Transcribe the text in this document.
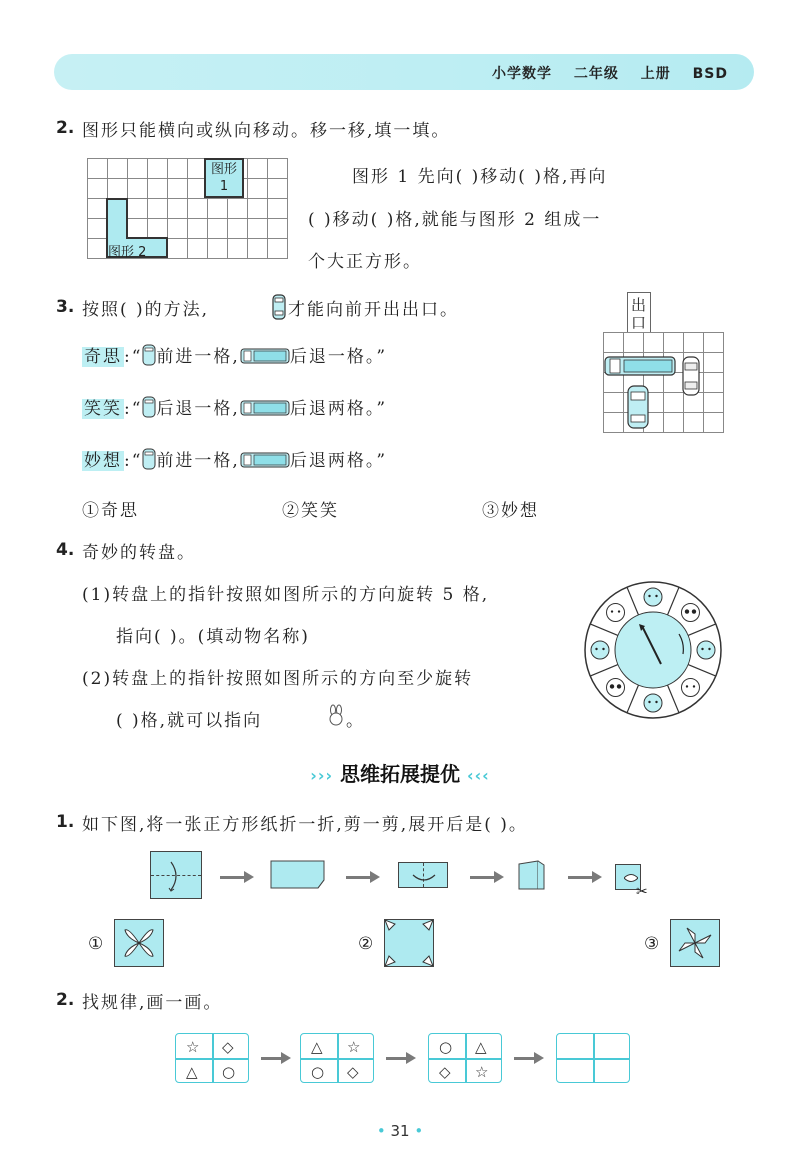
小学数学 二年级 上册 BSD
2. 图形只能横向或纵向移动。移一移,填一填。
图形
1
图形 2
图形 1 先向( )移动( )格,再向
( )移动( )格,就能与图形 2 组成一
个大正方形。
3. 按照( )的方法,	才能向前开出出口。	出
口
奇思 :“ 前进一格,	后退一格。”
笑笑 :“ 后退一格,	后退两格。”
妙想 :“ 前进一格,	后退两格。”
①奇思	②笑笑	③妙想
4. 奇妙的转盘。
(1)转盘上的指针按照如图所示的方向旋转 5 格,
指向( )。(填动物名称)
(2)转盘上的指针按照如图所示的方向至少旋转
( )格,就可以指向	。
››› 思维拓展提优 ‹‹‹
1. 如下图,将一张正方形纸折一折,剪一剪,展开后是( )。
✂
①	②	③
2. 找规律,画一画。
☆ ◇
△ ○
△ ☆
○ ◇
○ △
◇ ☆
• 31 •
